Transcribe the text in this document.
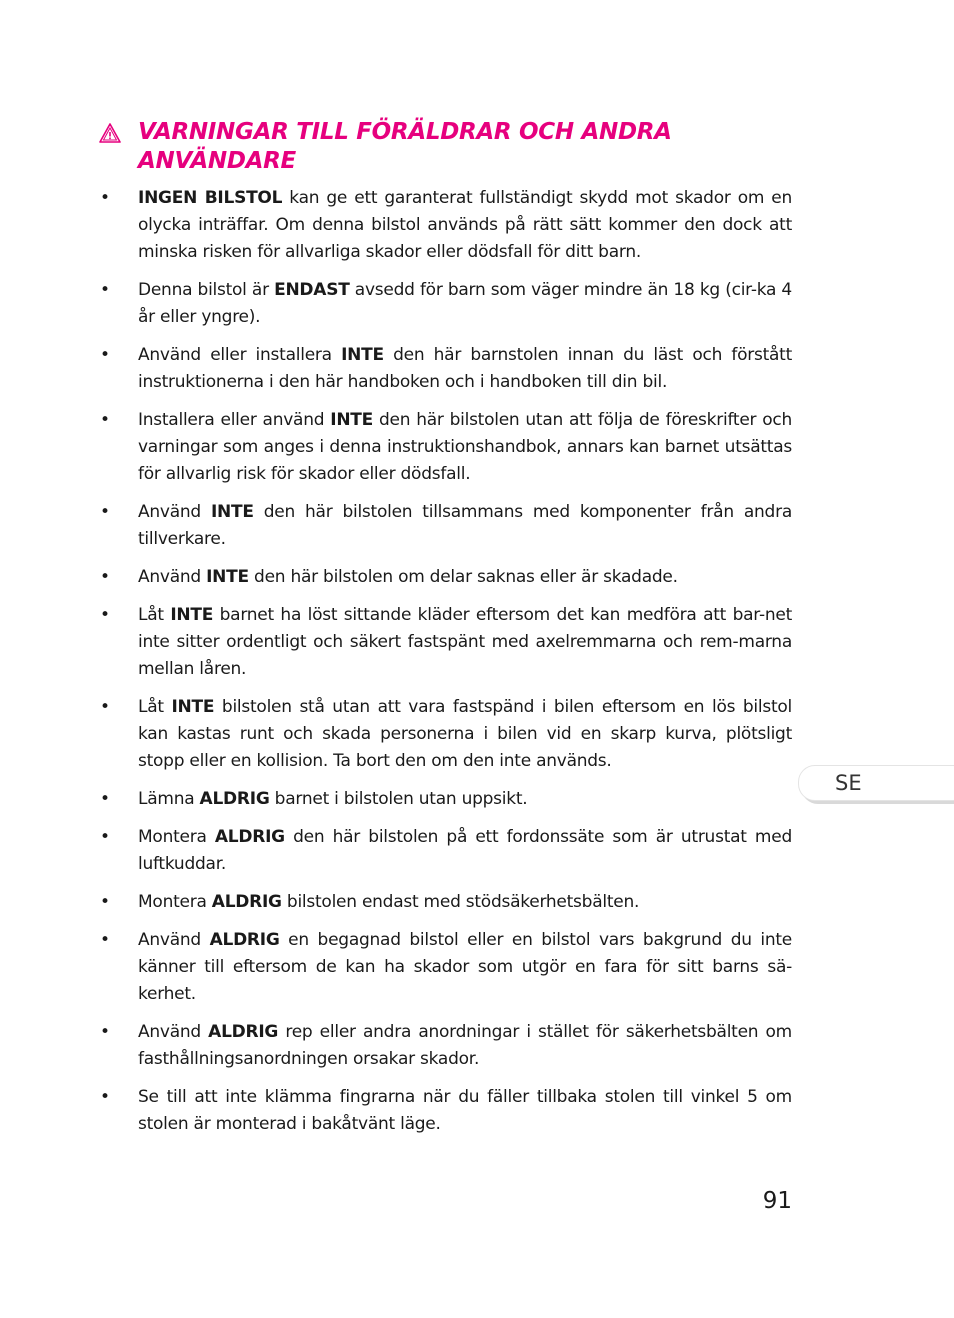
VARNINGAR TILL FÖRÄLDRAR OCH ANDRA ANVÄNDARE
• INGEN BILSTOL kan ge ett garanterat fullständigt skydd mot skador om en olycka inträffar. Om denna bilstol används på rätt sätt kommer den dock att minska risken för allvarliga skador eller dödsfall för ditt barn.
• Denna bilstol är ENDAST avsedd för barn som väger mindre än 18 kg (cir-ka 4 år eller yngre).
• Använd eller installera INTE den här barnstolen innan du läst och förstått instruktionerna i den här handboken och i handboken till din bil.
• Installera eller använd INTE den här bilstolen utan att följa de föreskrifter och varningar som anges i denna instruktionshandbok, annars kan barnet utsättas för allvarlig risk för skador eller dödsfall.
• Använd INTE den här bilstolen tillsammans med komponenter från andra tillverkare.
• Använd INTE den här bilstolen om delar saknas eller är skadade.
• Låt INTE barnet ha löst sittande kläder eftersom det kan medföra att bar-net inte sitter ordentligt och säkert fastspänt med axelremmarna och rem-marna mellan låren.
• Låt INTE bilstolen stå utan att vara fastspänd i bilen eftersom en lös bilstol kan kastas runt och skada personerna i bilen vid en skarp kurva, plötsligt stopp eller en kollision. Ta bort den om den inte används.
• Lämna ALDRIG barnet i bilstolen utan uppsikt.
• Montera ALDRIG den här bilstolen på ett fordonssäte som är utrustat med luftkuddar.
• Montera ALDRIG bilstolen endast med stödsäkerhetsbälten.
• Använd ALDRIG en begagnad bilstol eller en bilstol vars bakgrund du inte känner till eftersom de kan ha skador som utgör en fara för sitt barns sä-kerhet.
• Använd ALDRIG rep eller andra anordningar i stället för säkerhetsbälten om fasthållningsanordningen orsakar skador.
• Se till att inte klämma fingrarna när du fäller tillbaka stolen till vinkel 5 om stolen är monterad i bakåtvänt läge.
SE
91
